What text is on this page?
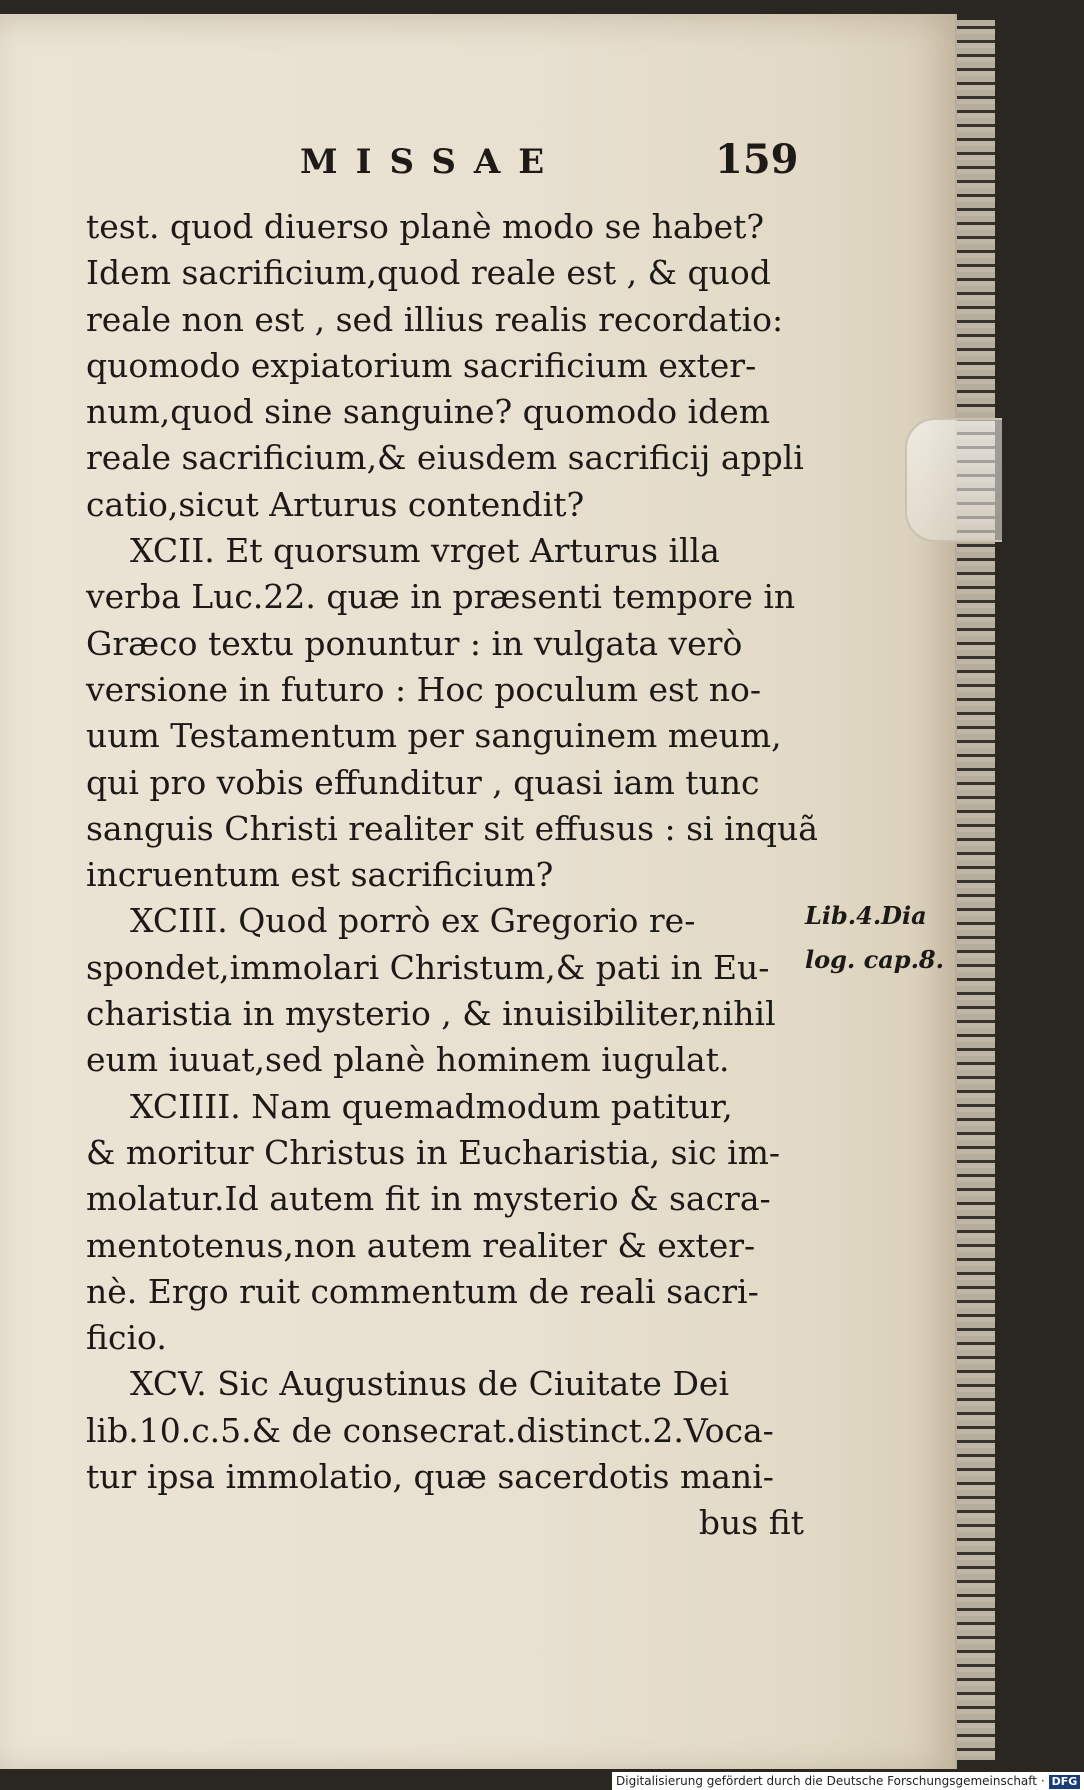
MISSAE	159
test. quod diuerso planè modo se habet?
Idem sacrificium,quod reale est , & quod
reale non est , sed illius realis recordatio:
quomodo expiatorium sacrificium exter-
num,quod sine sanguine? quomodo idem
reale sacrificium,& eiusdem sacrificij appli
catio,sicut Arturus contendit?
XCII. Et quorsum vrget Arturus illa
verba Luc.22. quæ in præsenti tempore in
Græco textu ponuntur : in vulgata verò
versione in futuro : Hoc poculum est no-
uum Testamentum per sanguinem meum,
qui pro vobis effunditur , quasi iam tunc
sanguis Christi realiter sit effusus : si inquã
incruentum est sacrificium?
XCIII. Quod porrò ex Gregorio re-
spondet,immolari Christum,& pati in Eu-
charistia in mysterio , & inuisibiliter,nihil
eum iuuat,sed planè hominem iugulat.
XCIIII. Nam quemadmodum patitur,
& moritur Christus in Eucharistia, sic im-
molatur.Id autem fit in mysterio & sacra-
mentotenus,non autem realiter & exter-
nè. Ergo ruit commentum de reali sacri-
ficio.
XCV. Sic Augustinus de Ciuitate Dei
lib.10.c.5.& de consecrat.distinct.2.Voca-
tur ipsa immolatio, quæ sacerdotis mani-
bus fit
Lib.4.Dia
log. cap.8.
Digitalisierung gefördert durch die Deutsche Forschungsgemeinschaft · DFG
